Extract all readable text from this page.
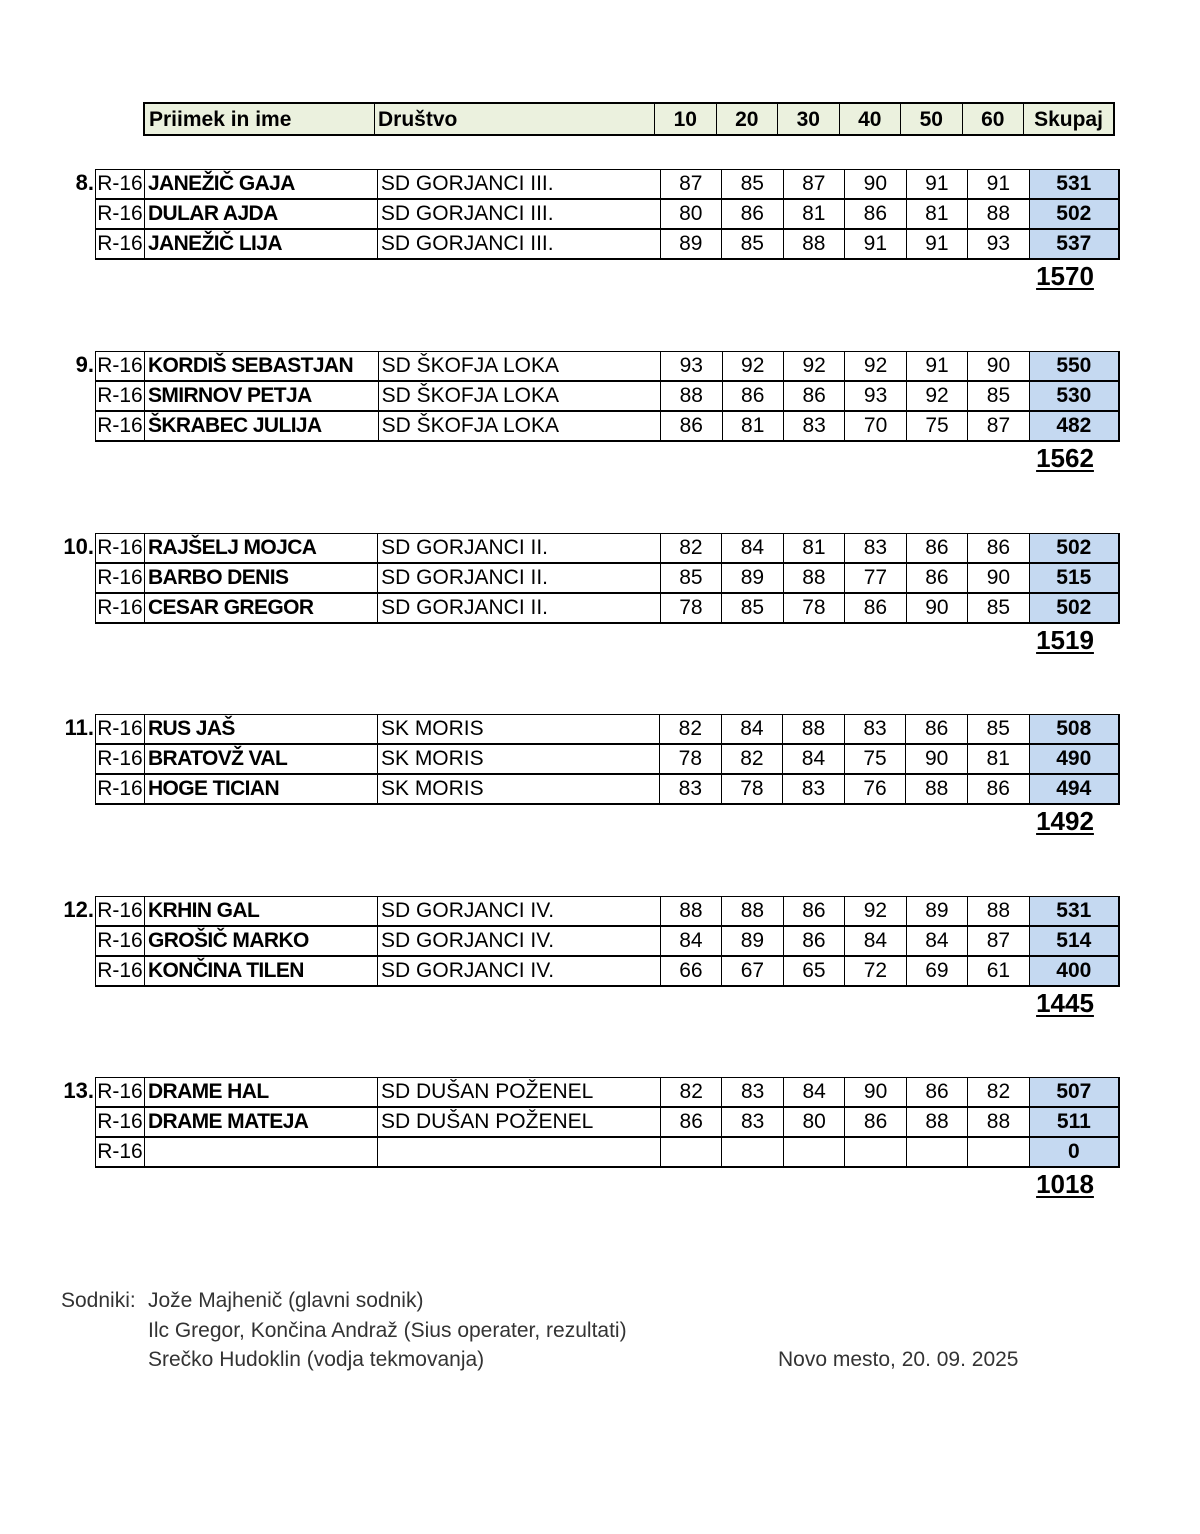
Priimek in ime	Društvo	10	20	30	40	50	60	Skupaj
8. R-16	JANEŽIČ GAJA	SD GORJANCI III.	87	85	87	90	91	91	531
R-16	DULAR AJDA	SD GORJANCI III.	80	86	81	86	81	88	502
R-16	JANEŽIČ LIJA	SD GORJANCI III.	89	85	88	91	91	93	537
1570
9. R-16	KORDIŠ SEBASTJAN	SD ŠKOFJA LOKA	93	92	92	92	91	90	550
R-16	SMIRNOV PETJA	SD ŠKOFJA LOKA	88	86	86	93	92	85	530
R-16	ŠKRABEC JULIJA	SD ŠKOFJA LOKA	86	81	83	70	75	87	482
1562
10. R-16	RAJŠELJ MOJCA	SD GORJANCI II.	82	84	81	83	86	86	502
R-16	BARBO DENIS	SD GORJANCI II.	85	89	88	77	86	90	515
R-16	CESAR GREGOR	SD GORJANCI II.	78	85	78	86	90	85	502
1519
11. R-16	RUS JAŠ	SK MORIS	82	84	88	83	86	85	508
R-16	BRATOVŽ VAL	SK MORIS	78	82	84	75	90	81	490
R-16	HOGE TICIAN	SK MORIS	83	78	83	76	88	86	494
1492
12. R-16	KRHIN GAL	SD GORJANCI IV.	88	88	86	92	89	88	531
R-16	GROŠIČ MARKO	SD GORJANCI IV.	84	89	86	84	84	87	514
R-16	KONČINA TILEN	SD GORJANCI IV.	66	67	65	72	69	61	400
1445
13. R-16	DRAME HAL	SD DUŠAN POŽENEL	82	83	84	90	86	82	507
R-16	DRAME MATEJA	SD DUŠAN POŽENEL	86	83	80	86	88	88	511
R-16									0
1018
Sodniki: Jože Majhenič (glavni sodnik)
Ilc Gregor, Končina Andraž (Sius operater, rezultati)
Srečko Hudoklin (vodja tekmovanja)	Novo mesto, 20. 09. 2025
